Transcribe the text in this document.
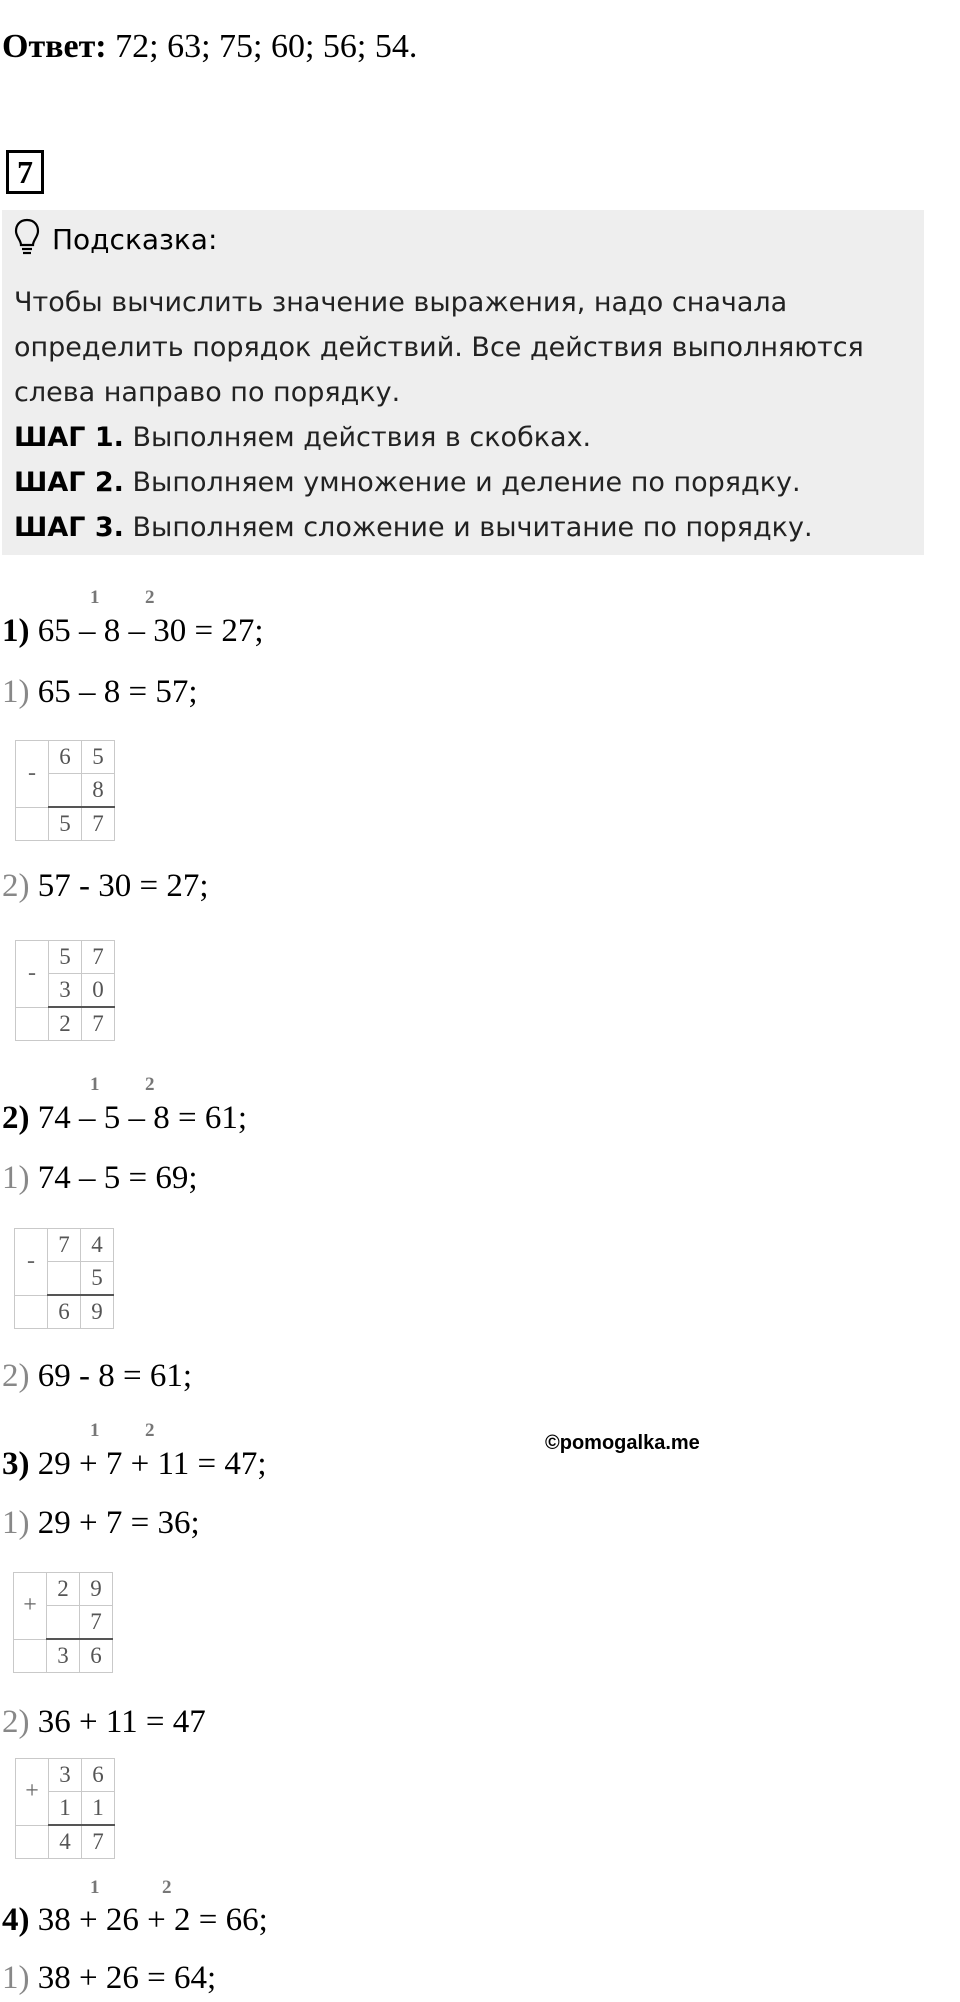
Ответ: 72; 63; 75; 60; 56; 54.
7
Подсказка:
Чтобы вычислить значение выражения, надо сначала определить порядок действий. Все действия выполняются слева направо по порядку.
ШАГ 1. Выполняем действия в скобках.
ШАГ 2. Выполняем умножение и деление по порядку.
ШАГ 3. Выполняем сложение и вычитание по порядку.
1 2
1) 65 – 8 – 30 = 27;
1) 65 – 8 = 57;
-	6	5
		8
	5	7
2) 57 - 30 = 27;
-	5	7
	3	0
	2	7
1 2
2) 74 – 5 – 8 = 61;
1) 74 – 5 = 69;
-	7	4
		5
	6	9
2) 69 - 8 = 61;
©pomogalka.me
1 2
3) 29 + 7 + 11 = 47;
1) 29 + 7 = 36;
+	2	9
		7
	3	6
2) 36 + 11 = 47
+	3	6
	1	1
	4	7
1	2
4) 38 + 26 + 2 = 66;
1) 38 + 26 = 64;
